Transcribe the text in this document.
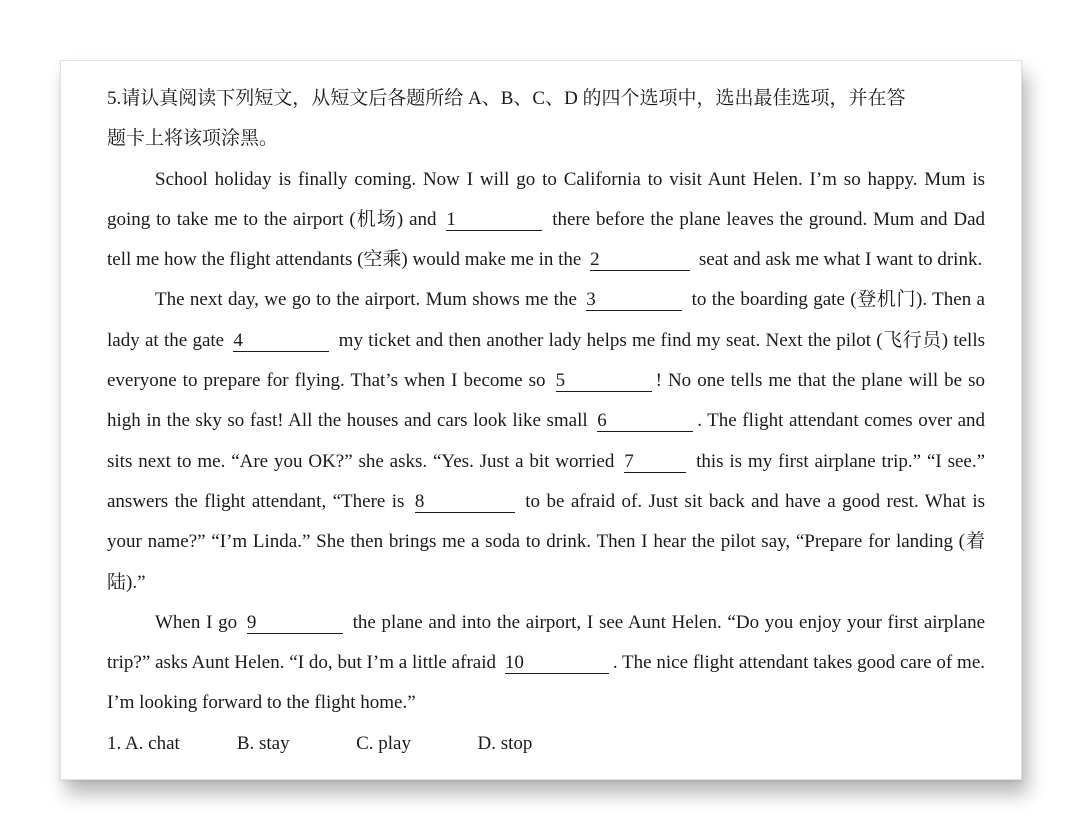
5.请认真阅读下列短文，从短文后各题所给 A、B、C、D 的四个选项中，选出最佳选项，并在答
题卡上将该项涂黑。

School holiday is finally coming. Now I will go to California to visit Aunt Helen. I’m so happy. Mum is going to take me to the airport (机场) and 1	there before the plane leaves the ground. Mum and Dad tell me how the flight attendants (空乘) would make me in the 2	seat and ask me what I want to drink.

The next day, we go to the airport. Mum shows me the 3	to the boarding gate (登机门). Then a lady at the gate 4	my ticket and then another lady helps me find my seat. Next the pilot (飞行员) tells everyone to prepare for flying. That’s when I become so 5	! No one tells me that the plane will be so high in the sky so fast! All the houses and cars look like small 6	. The flight attendant comes over and sits next to me. “Are you OK?” she asks. “Yes. Just a bit worried 7	this is my first airplane trip.” “I see.” answers the flight attendant, “There is 8	to be afraid of. Just sit back and have a good rest. What is your name?” “I’m Linda.” She then brings me a soda to drink. Then I hear the pilot say, “Prepare for landing (着陆).”

When I go 9	the plane and into the airport, I see Aunt Helen. “Do you enjoy your first airplane trip?” asks Aunt Helen. “I do, but I’m a little afraid 10	. The nice flight attendant takes good care of me. I’m looking forward to the flight home.”

1. A. chat            B. stay              C. play              D. stop
